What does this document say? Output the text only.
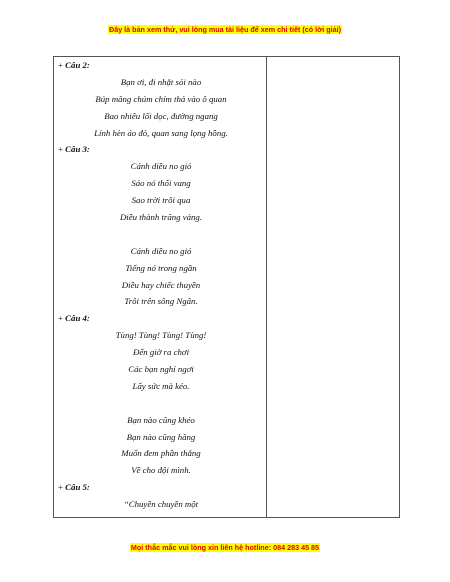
Đây là bản xem thử, vui lòng mua tài liệu để xem chi tiết (có lời giải)
+ Câu 2:
Bạn ơi, đi nhặt sỏi nào
Búp măng chúm chím thả vào ô quan
Bao nhiêu lối dọc, đường ngang
Lính hèn áo đỏ, quan sang lọng hồng.
+ Câu 3:
Cánh diều no gió
Sáo nó thổi vang
Sao trời trôi qua
Diều thành trăng vàng.
Cánh diều no gió
Tiếng nó trong ngần
Diều hay chiếc thuyền
Trôi trên sông Ngân.
+ Câu 4:
Tùng! Tùng! Tùng! Tùng!
Đến giờ ra chơi
Các bạn nghỉ ngơi
Lấy sức mà kéo.
Bạn nào cũng khéo
Bạn nào cũng hăng
Muốn đem phần thắng
Về cho đội mình.
+ Câu 5:
“Chuyền chuyền một
Mọi thắc mắc vui lòng xin liên hệ hotline: 084 283 45 85
